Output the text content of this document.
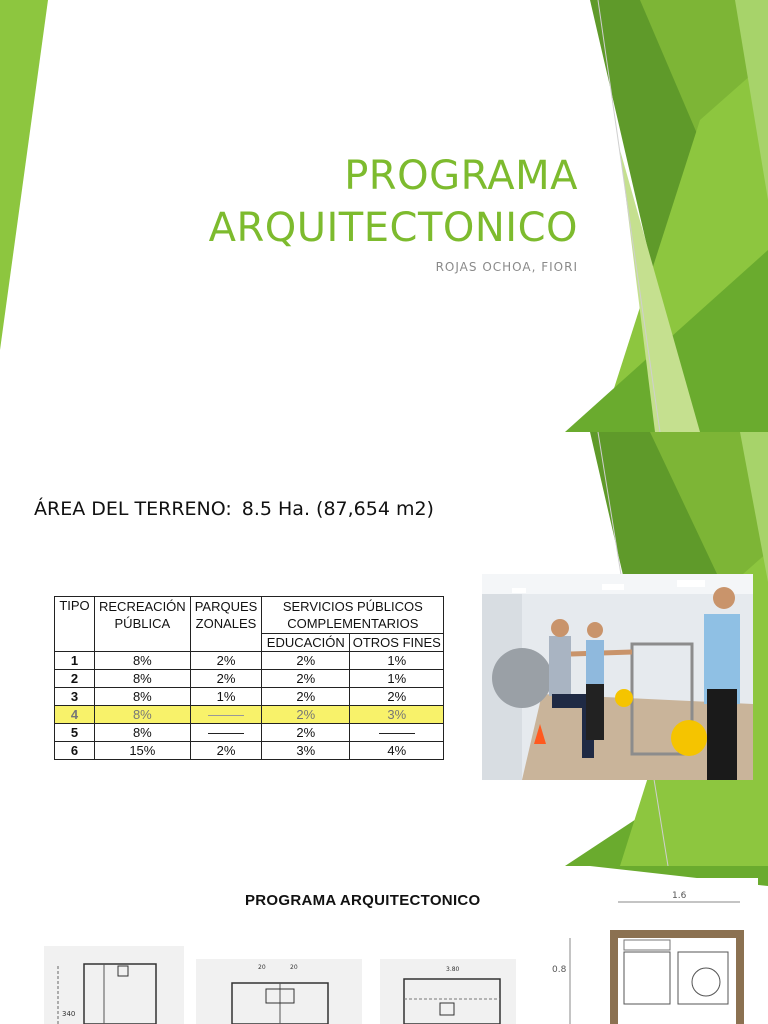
PROGRAMA
ARQUITECTONICO
ROJAS OCHOA, FIORI
ÁREA DEL TERRENO: 8.5 Ha. (87,654 m2)
TIPO	RECREACIÓN PÚBLICA	PARQUES ZONALES	SERVICIOS PÚBLICOS COMPLEMENTARIOS	
			EDUCACIÓN	OTROS FINES
1	8%	2%	2%	1%
2	8%	2%	2%	1%
3	8%	1%	2%	2%
4	8%		2%	3%
5	8%		2%	
6	15%	2%	3%	4%
PROGRAMA ARQUITECTONICO
340
20	20	3.80
1.6
0.8
